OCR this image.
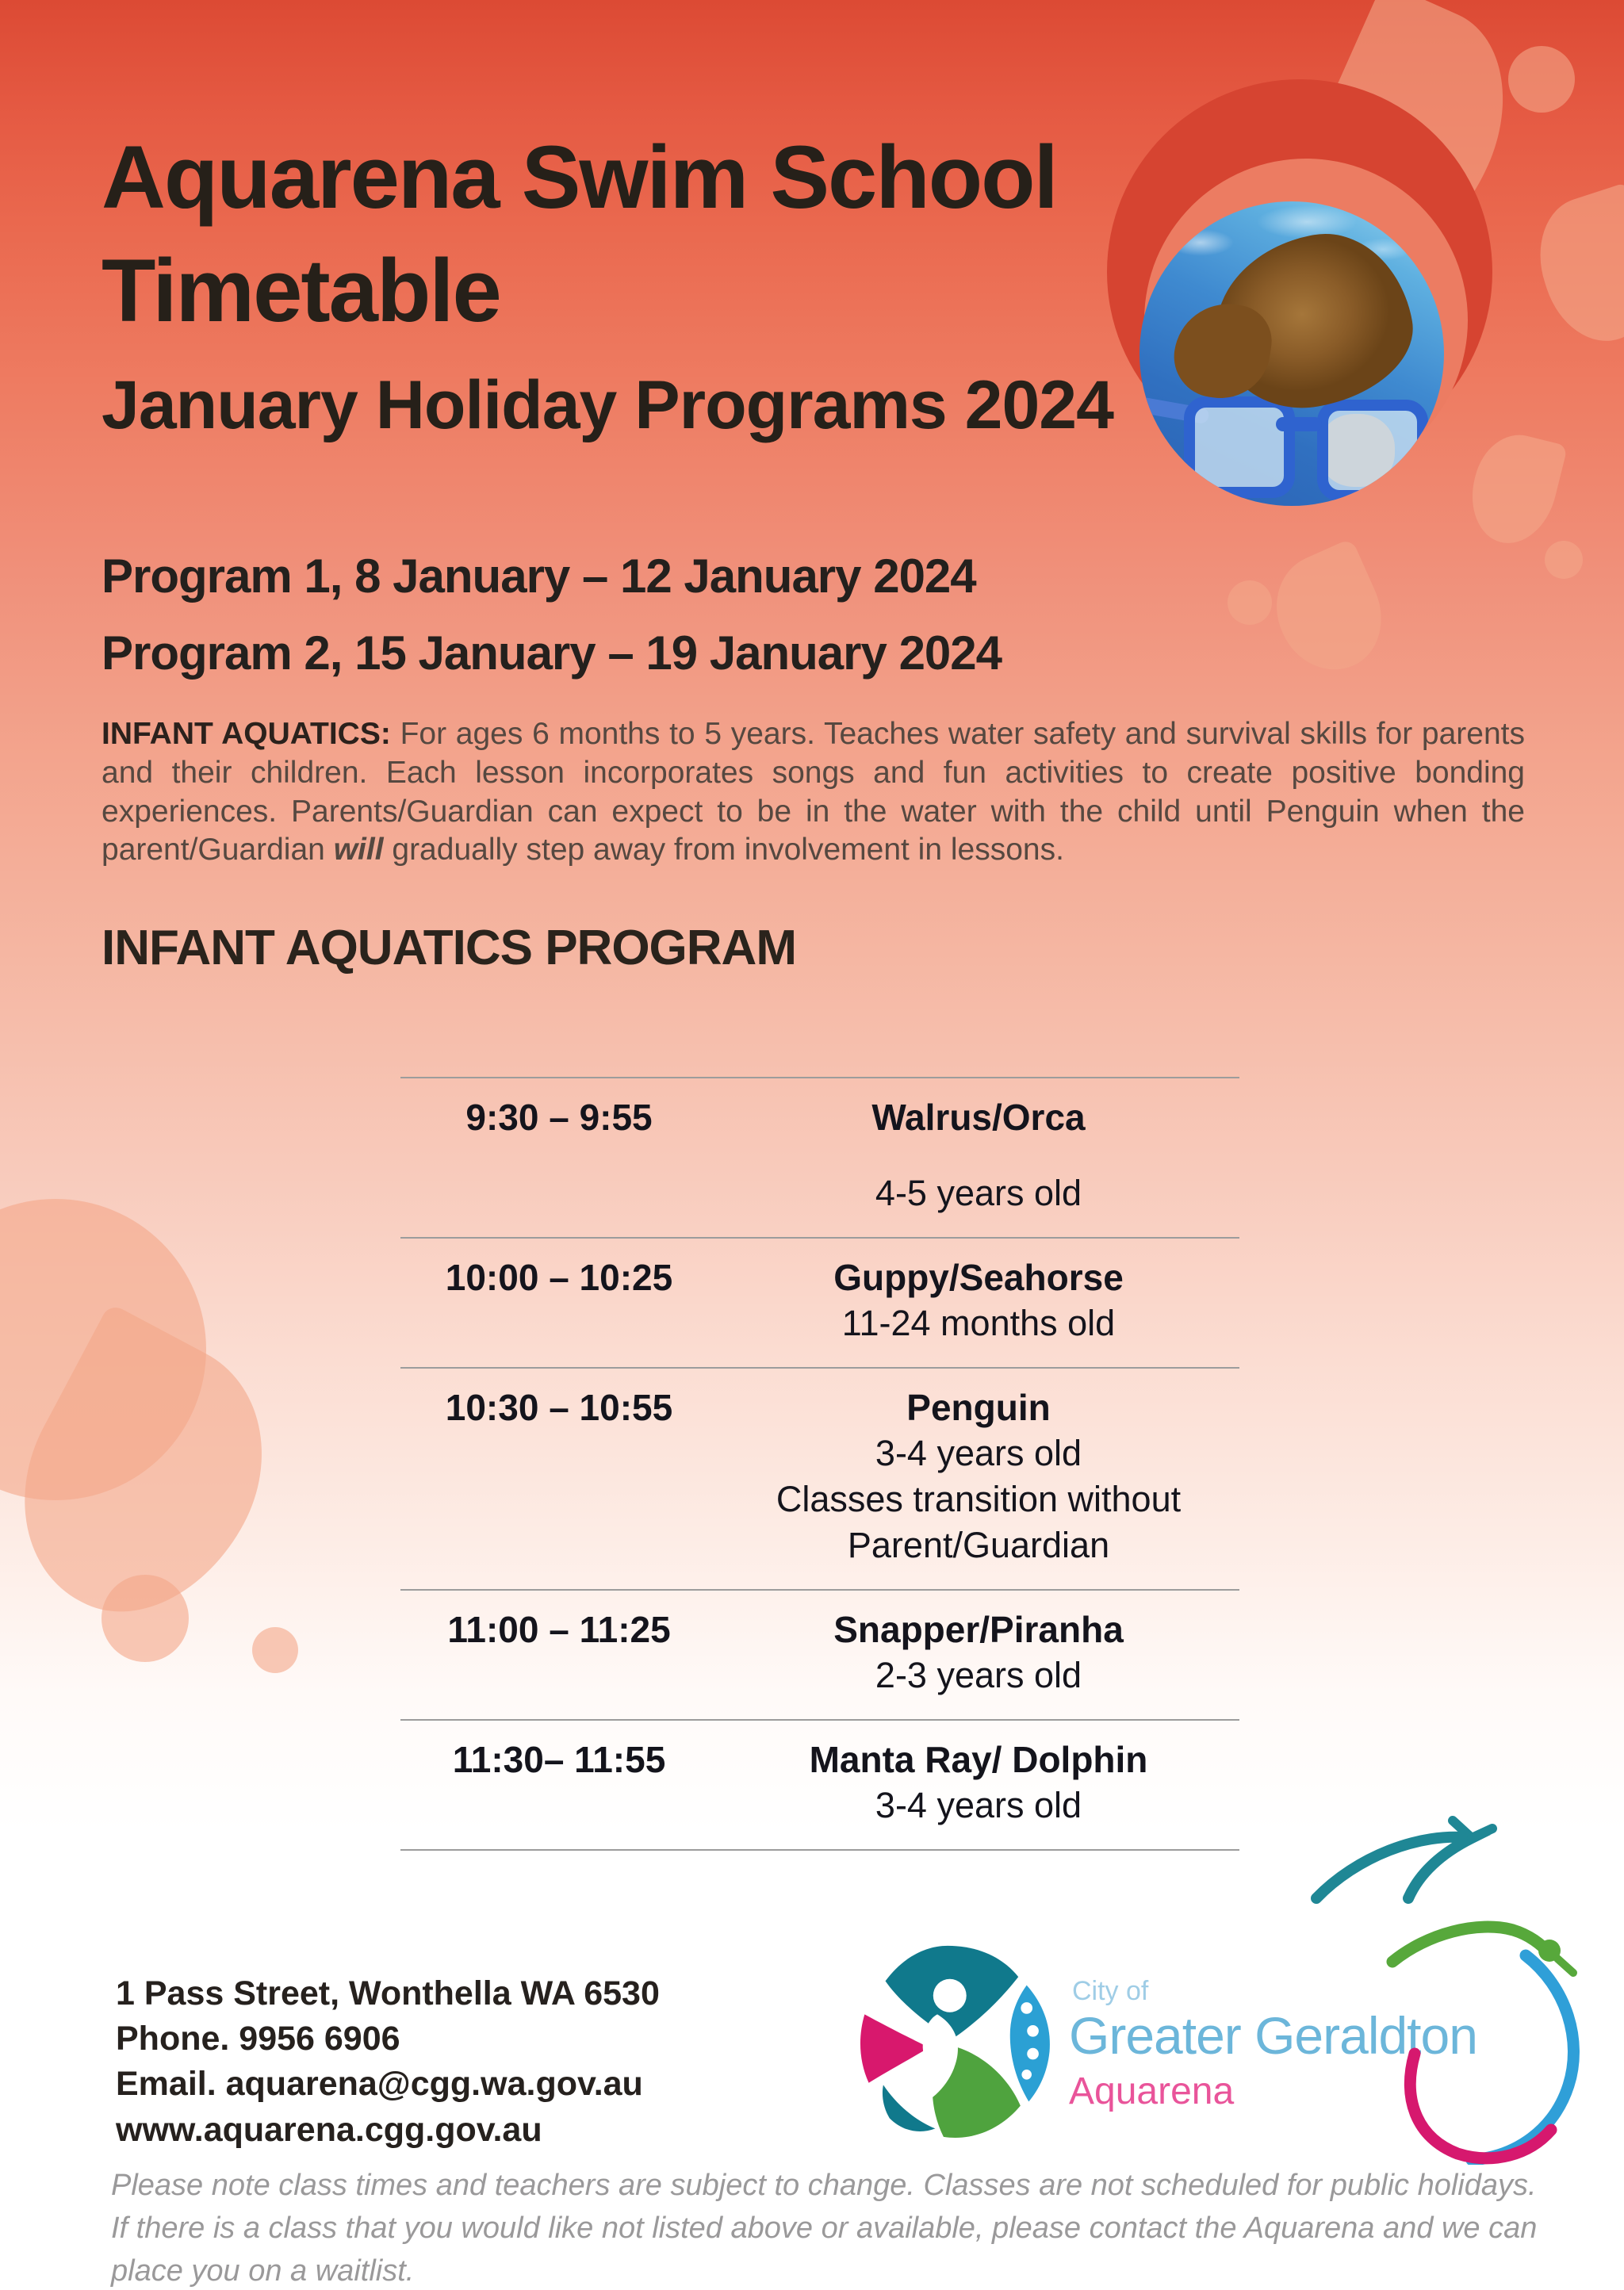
Aquarena Swim School
Timetable
January Holiday Programs 2024
Program 1, 8 January – 12 January 2024
Program 2, 15 January – 19 January 2024
INFANT AQUATICS: For ages 6 months to 5 years. Teaches water safety and survival skills for parents and their children. Each lesson incorporates songs and fun activities to create positive bonding experiences. Parents/Guardian can expect to be in the water with the child until Penguin when the parent/Guardian will gradually step away from involvement in lessons.
INFANT AQUATICS PROGRAM
9:30 – 9:55	Walrus/Orca
4-5 years old
10:00 – 10:25	Guppy/Seahorse
11-24 months old
10:30 – 10:55	Penguin
3-4 years old
Classes transition without
Parent/Guardian
11:00 – 11:25	Snapper/Piranha
2-3 years old
11:30– 11:55	Manta Ray/ Dolphin
3-4 years old
1 Pass Street, Wonthella WA 6530
Phone. 9956 6906
Email. aquarena@cgg.wa.gov.au
www.aquarena.cgg.gov.au
City of
Greater Geraldton
Aquarena
Please note class times and teachers are subject to change. Classes are not scheduled for public holidays.
If there is a class that you would like not listed above or available, please contact the Aquarena and we can place you on a waitlist.
